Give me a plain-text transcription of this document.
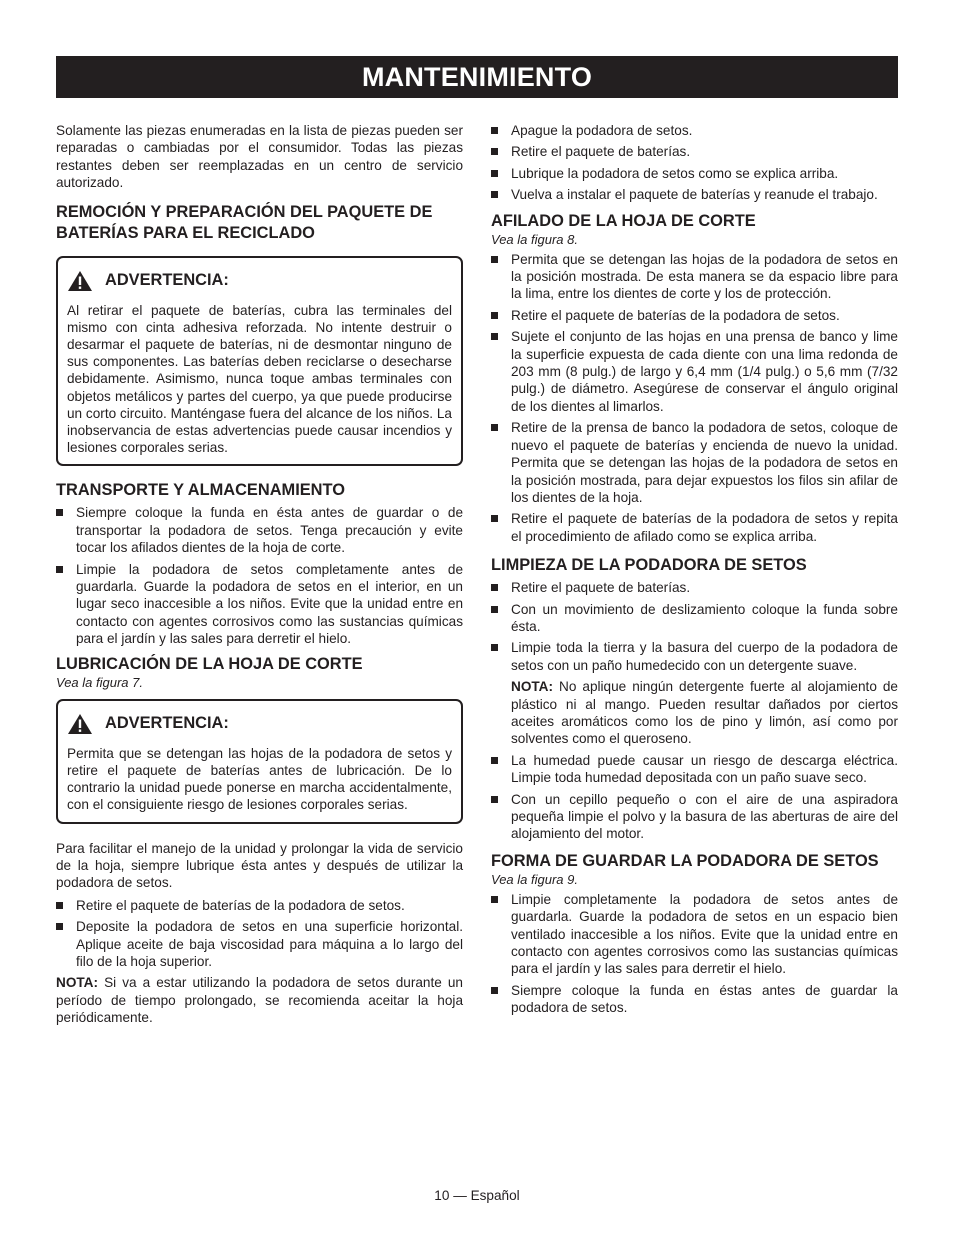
MANTENIMIENTO

Solamente las piezas enumeradas en la lista de piezas pueden ser reparadas o cambiadas por el consumidor. Todas las piezas restantes deben ser reemplazadas en un centro de servicio autorizado.

REMOCIÓN Y PREPARACIÓN DEL PAQUETE DE BATERÍAS PARA EL RECICLADO
ADVERTENCIA:

Al retirar el paquete de baterías, cubra las terminales del mismo con cinta adhesiva reforzada. No intente destruir o desarmar el paquete de baterías, ni de desmontar ninguno de sus componentes. Las baterías deben reciclarse o desecharse debidamente. Asimismo, nunca toque ambas terminales con objetos metálicos y partes del cuerpo, ya que puede producirse un corto circuito. Manténgase fuera del alcance de los niños. La inobservancia de estas advertencias puede causar incendios y lesiones corporales serias.

TRANSPORTE Y ALMACENAMIENTO
Siempre coloque la funda en ésta antes de guardar o de transportar la podadora de setos. Tenga precaución y evite tocar los afilados dientes de la hoja de corte.
Limpie la podadora de setos completamente antes de guardarla. Guarde la podadora de setos en el interior, en un lugar seco inaccesible a los niños. Evite que la unidad entre en contacto con agentes corrosivos como las sustancias químicas para el jardín y las sales para derretir el hielo.
LUBRICACIÓN DE LA HOJA DE CORTE
Vea la figura 7.
ADVERTENCIA:

Permita que se detengan las hojas de la podadora de setos y retire el paquete de baterías antes de lubricación. De lo contrario la unidad puede ponerse en marcha accidentalmente, con el consiguiente riesgo de lesiones corporales serias.

Para facilitar el manejo de la unidad y prolongar la vida de servicio de la hoja, siempre lubrique ésta antes y después de utilizar la podadora de setos.

Retire el paquete de baterías de la podadora de setos.
Deposite la podadora de setos en una superficie horizontal. Aplique aceite de baja viscosidad para máquina a lo largo del filo de la hoja superior.

NOTA: Si va a estar utilizando la podadora de setos durante un período de tiempo prolongado, se recomienda aceitar la hoja periódicamente.

Apague la podadora de setos.
Retire el paquete de baterías.
Lubrique la podadora de setos como se explica arriba.
Vuelva a instalar el paquete de baterías y reanude el trabajo.
AFILADO DE LA HOJA DE CORTE
Vea la figura 8.
Permita que se detengan las hojas de la podadora de setos en la posición mostrada. De esta manera se da espacio libre para la lima, entre los dientes de corte y los de protección.
Retire el paquete de baterías de la podadora de setos.
Sujete el conjunto de las hojas en una prensa de banco y lime la superficie expuesta de cada diente con una lima redonda de 203 mm (8 pulg.) de largo y 6,4 mm (1/4 pulg.) o 5,6 mm (7/32 pulg.) de diámetro. Asegúrese de conservar el ángulo original de los dientes al limarlos.
Retire de la prensa de banco la podadora de setos, coloque de nuevo el paquete de baterías y encienda de nuevo la unidad. Permita que se detengan las hojas de la podadora de setos en la posición mostrada, para dejar expuestos los filos sin afilar de los dientes de la hoja.
Retire el paquete de baterías de la podadora de setos y repita el procedimiento de afilado como se explica arriba.
LIMPIEZA DE LA PODADORA DE SETOS
Retire el paquete de baterías.
Con un movimiento de deslizamiento coloque la funda sobre ésta.
Limpie toda la tierra y la basura del cuerpo de la podadora de setos con un paño humedecido con un detergente suave.

NOTA: No aplique ningún detergente fuerte al alojamiento de plástico ni al mango. Pueden resultar dañados por ciertos aceites aromáticos como los de pino y limón, así como por solventes como el queroseno.

La humedad puede causar un riesgo de descarga eléctrica. Limpie toda humedad depositada con un paño suave seco.
Con un cepillo pequeño o con el aire de una aspiradora pequeña limpie el polvo y la basura de las aberturas de aire del alojamiento del motor.
FORMA DE GUARDAR LA PODADORA DE SETOS
Vea la figura 9.
Limpie completamente la podadora de setos antes de guardarla. Guarde la podadora de setos en un espacio bien ventilado inaccesible a los niños. Evite que la unidad entre en contacto con agentes corrosivos como las sustancias químicas para el jardín y las sales para derretir el hielo.
Siempre coloque la funda en éstas antes de guardar la podadora de setos.
10 — Español
